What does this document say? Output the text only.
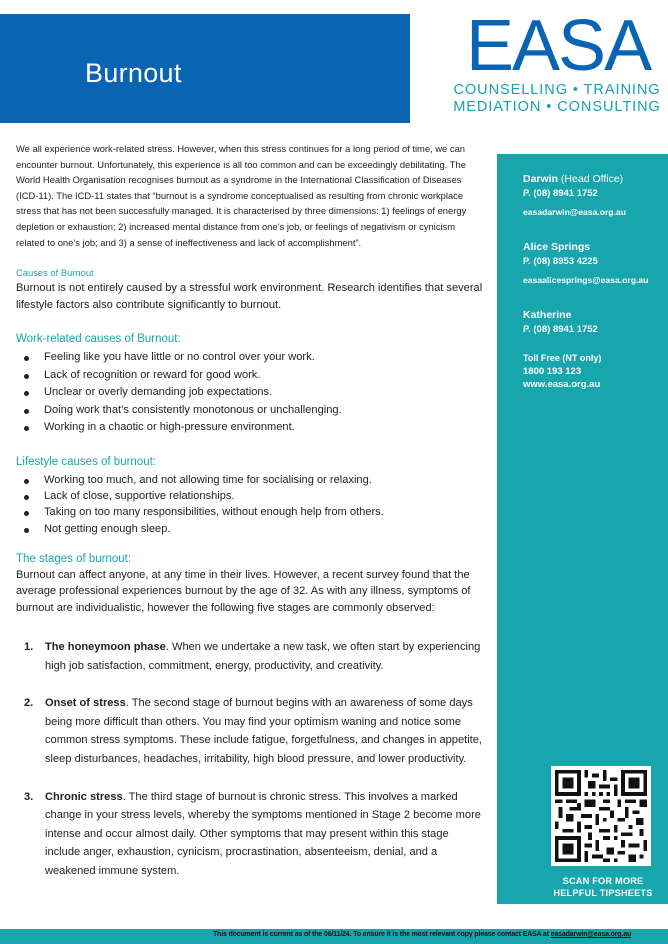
Burnout	EASA
COUNSELLING • TRAINING
MEDIATION • CONSULTING

We all experience work-related stress. However, when this stress continues for a long period of time, we can encounter burnout. Unfortunately, this experience is all too common and can be exceedingly debilitating. The World Health Organisation recognises burnout as a syndrome in the International Classification of Diseases (ICD-11). The ICD-11 states that “burnout is a syndrome conceptualised as resulting from chronic workplace stress that has not been successfully managed. It is characterised by three dimensions: 1) feelings of energy depletion or exhaustion; 2) increased mental distance from one’s job, or feelings of negativism or cynicism related to one’s job; and 3) a sense of ineffectiveness and lack of accomplishment”.

Causes of Burnout

Burnout is not entirely caused by a stressful work environment. Research identifies that several lifestyle factors also contribute significantly to burnout.

Work-related causes of Burnout:
Feeling like you have little or no control over your work.
Lack of recognition or reward for good work.
Unclear or overly demanding job expectations.
Doing work that’s consistently monotonous or unchallenging.
Working in a chaotic or high-pressure environment.
Lifestyle causes of burnout:
Working too much, and not allowing time for socialising or relaxing.
Lack of close, supportive relationships.
Taking on too many responsibilities, without enough help from others.
Not getting enough sleep.
The stages of burnout:

Burnout can affect anyone, at any time in their lives. However, a recent survey found that the average professional experiences burnout by the age of 32. As with any illness, symptoms of burnout are individualistic, however the following five stages are commonly observed:

1. The honeymoon phase. When we undertake a new task, we often start by experiencing high job satisfaction, commitment, energy, productivity, and creativity.
2. Onset of stress. The second stage of burnout begins with an awareness of some days being more difficult than others. You may find your optimism waning and notice some common stress symptoms. These include fatigue, forgetfulness, and changes in appetite, sleep disturbances, headaches, irritability, high blood pressure, and lower productivity.
3. Chronic stress. The third stage of burnout is chronic stress. This involves a marked change in your stress levels, whereby the symptoms mentioned in Stage 2 become more intense and occur almost daily. Other symptoms that may present within this stage include anger, exhaustion, cynicism, procrastination, absenteeism, denial, and a weakened immune system.
Darwin (Head Office)
P. (08) 8941 1752
easadarwin@easa.org.au
Alice Springs
P. (08) 8953 4225
easaalicesprings@easa.org.au
Katherine
P. (08) 8941 1752
Toll Free (NT only)
1800 193 123
www.easa.org.au
SCAN FOR MORE
HELPFUL TIPSHEETS
This document is current as of the 06/11/24. To ensure it is the most relevant copy please contact EASA at easadarwin@easa.org.au
